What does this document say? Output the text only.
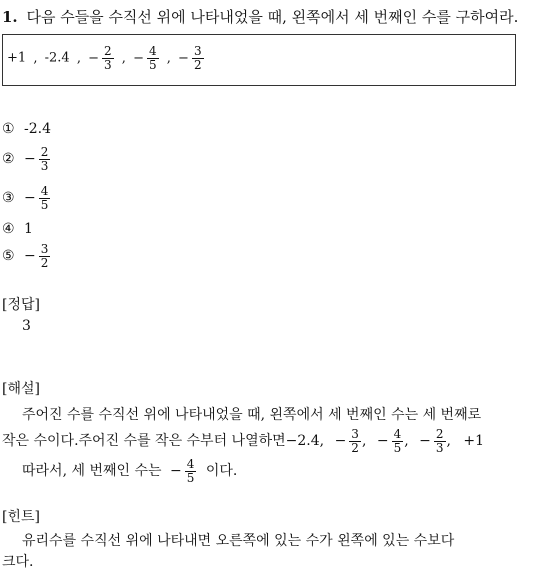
1. 다음 수들을 수직선 위에 나타내었을 때, 왼쪽에서 세 번째인 수를 구하여라.
+1 , -2.4 , − $\frac{2}{3}$ , − $\frac{4}{5}$ , − $\frac{3}{2}$
① -2.4
② − $\frac{2}{3}$
③ − $\frac{4}{5}$
④ 1
⑤ − $\frac{3}{2}$
[정답]
3
[해설]
주어진 수를 수직선 위에 나타내었을 때, 왼쪽에서 세 번째인 수는 세 번째로
작은 수이다.주어진 수를 작은 수부터 나열하면−2.4, − $\frac{3}{2}$ , − $\frac{4}{5}$ , − $\frac{2}{3}$ , +1
따라서, 세 번째인 수는 − $\frac{4}{5}$ 이다.
[힌트]
유리수를 수직선 위에 나타내면 오른쪽에 있는 수가 왼쪽에 있는 수보다
크다.
